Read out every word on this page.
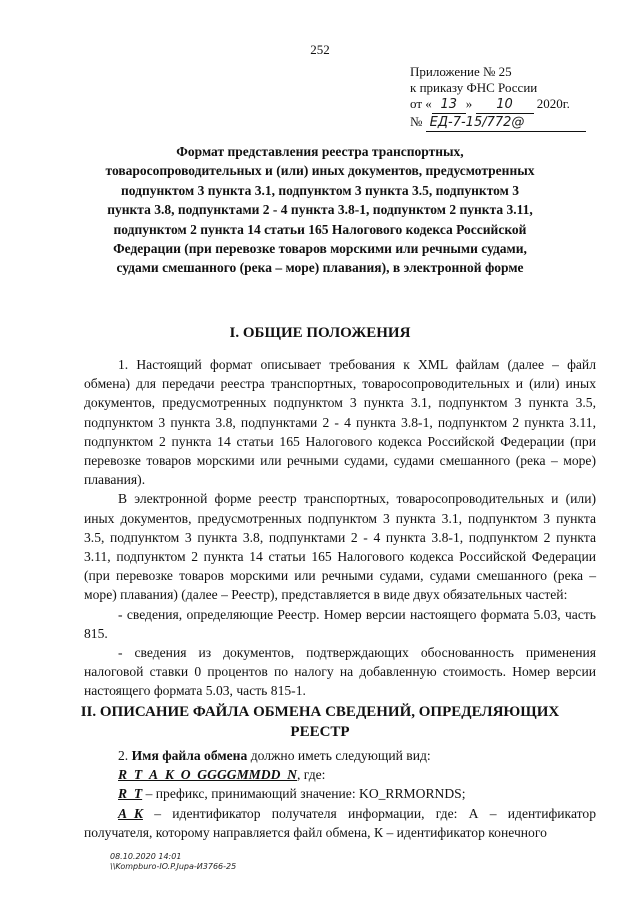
252
Приложение № 25
к приказу ФНС России
от « 13 » 10 2020г.
№ ЕД-7-15/772@
Формат представления реестра транспортных, товаросопроводительных и (или) иных документов, предусмотренных подпунктом 3 пункта 3.1, подпунктом 3 пункта 3.5, подпунктом 3 пункта 3.8, подпунктами 2 - 4 пункта 3.8-1, подпунктом 2 пункта 3.11, подпунктом 2 пункта 14 статьи 165 Налогового кодекса Российской Федерации (при перевозке товаров морскими или речными судами, судами смешанного (река – море) плавания), в электронной форме
I. ОБЩИЕ ПОЛОЖЕНИЯ

1. Настоящий формат описывает требования к XML файлам (далее – файл обмена) для передачи реестра транспортных, товаросопроводительных и (или) иных документов, предусмотренных подпунктом 3 пункта 3.1, подпунктом 3 пункта 3.5, подпунктом 3 пункта 3.8, подпунктами 2 - 4 пункта 3.8-1, подпунктом 2 пункта 3.11, подпунктом 2 пункта 14 статьи 165 Налогового кодекса Российской Федерации (при перевозке товаров морскими или речными судами, судами смешанного (река – море) плавания).

В электронной форме реестр транспортных, товаросопроводительных и (или) иных документов, предусмотренных подпунктом 3 пункта 3.1, подпунктом 3 пункта 3.5, подпунктом 3 пункта 3.8, подпунктами 2 - 4 пункта 3.8-1, подпунктом 2 пункта 3.11, подпунктом 2 пункта 14 статьи 165 Налогового кодекса Российской Федерации (при перевозке товаров морскими или речными судами, судами смешанного (река – море) плавания) (далее – Реестр), представляется в виде двух обязательных частей:

- сведения, определяющие Реестр. Номер версии настоящего формата 5.03, часть 815.

- сведения из документов, подтверждающих обоснованность применения налоговой ставки 0 процентов по налогу на добавленную стоимость. Номер версии настоящего формата 5.03, часть 815-1.

II. ОПИСАНИЕ ФАЙЛА ОБМЕНА СВЕДЕНИЙ, ОПРЕДЕЛЯЮЩИХ РЕЕСТР

2. Имя файла обмена должно иметь следующий вид:

R_T_A_K_O_GGGGMMDD_N, где:

R_T – префикс, принимающий значение: KO_RRMORNDS;

A_K – идентификатор получателя информации, где: А – идентификатор получателя, которому направляется файл обмена, К – идентификатор конечного

08.10.2020 14:01
\\Kompburo-IO.P.Jupa-И3766-25
